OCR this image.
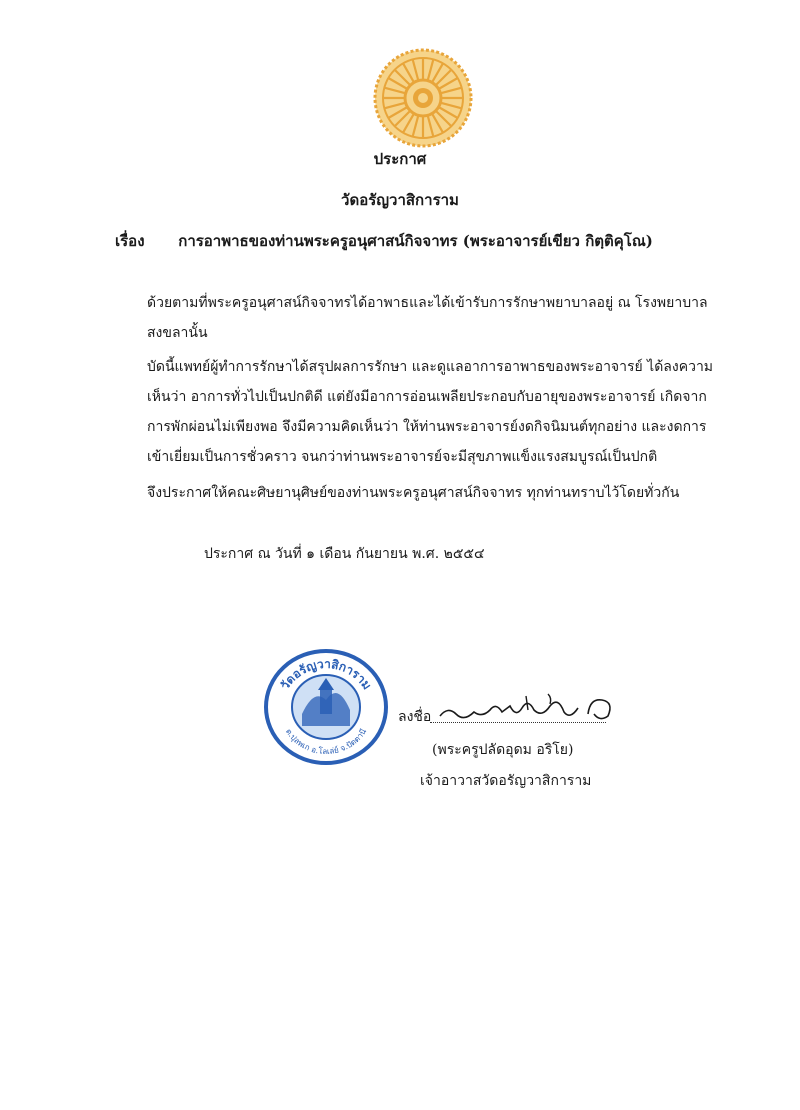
ประกาศ
วัดอรัญวาสิการาม
เรื่อง การอาพาธของท่านพระครูอนุศาสน์กิจจาทร (พระอาจารย์เขียว กิตฺติคุโณ)
ด้วยตามที่พระครูอนุศาสน์กิจจาทรได้อาพาธและได้เข้ารับการรักษาพยาบาลอยู่ ณ โรงพยาบาลสงขลานั้น
บัดนี้แพทย์ผู้ทำการรักษาได้สรุปผลการรักษา และดูแลอาการอาพาธของพระอาจารย์ ได้ลงความเห็นว่า อาการทั่วไปเป็นปกติดี แต่ยังมีอาการอ่อนเพลียประกอบกับอายุของพระอาจารย์ เกิดจากการพักผ่อนไม่เพียงพอ จึงมีความคิดเห็นว่า ให้ท่านพระอาจารย์งดกิจนิมนต์ทุกอย่าง และงดการเข้าเยี่ยมเป็นการชั่วคราว จนกว่าท่านพระอาจารย์จะมีสุขภาพแข็งแรงสมบูรณ์เป็นปกติ
จึงประกาศให้คณะศิษยานุศิษย์ของท่านพระครูอนุศาสน์กิจจาทร ทุกท่านทราบไว้โดยทั่วกัน
ประกาศ ณ วันที่ ๑ เดือน กันยายน พ.ศ. ๒๕๕๔
วัดอรัญวาสิการาม
ต.ปุลพเก อ.โลเล่ย์ จ.ปัตตานี
ลงชื่อ
(พระครูปลัดอุดม อริโย)
เจ้าอาวาสวัดอรัญวาสิการาม
